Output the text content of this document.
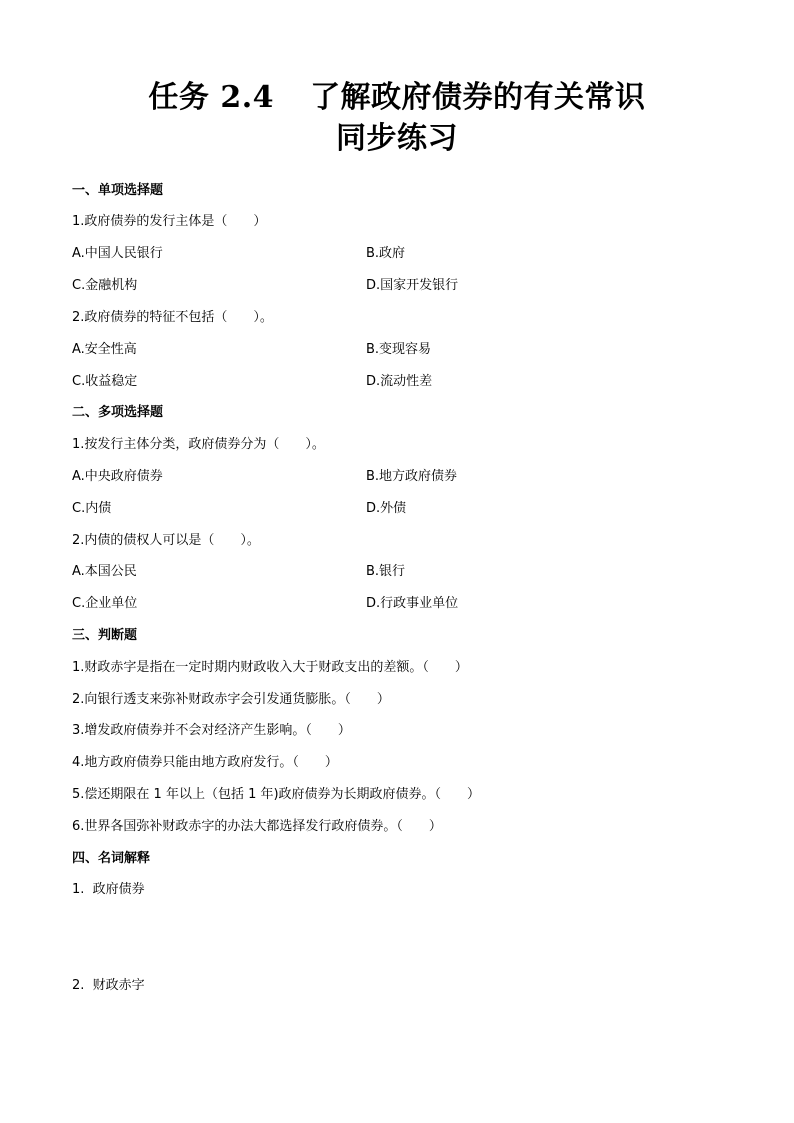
任务 2.4 了解政府债券的有关常识
同步练习
一、单项选择题
1.政府债券的发行主体是（　　）
A.中国人民银行	B.政府
C.金融机构	D.国家开发银行
2.政府债券的特征不包括（　　）。
A.安全性高	B.变现容易
C.收益稳定	D.流动性差
二、多项选择题
1.按发行主体分类，政府债券分为（　　）。
A.中央政府债券	B.地方政府债券
C.内债	D.外债
2.内债的债权人可以是（　　）。
A.本国公民	B.银行
C.企业单位	D.行政事业单位
三、判断题
1.财政赤字是指在一定时期内财政收入大于财政支出的差额。（　　）
2.向银行透支来弥补财政赤字会引发通货膨胀。（　　）
3.增发政府债券并不会对经济产生影响。（　　）
4.地方政府债券只能由地方政府发行。（　　）
5.偿还期限在 1 年以上（包括 1 年)政府债券为长期政府债券。（　　）
6.世界各国弥补财政赤字的办法大都选择发行政府债券。（　　）
四、名词解释
1.  政府债券
2.  财政赤字
